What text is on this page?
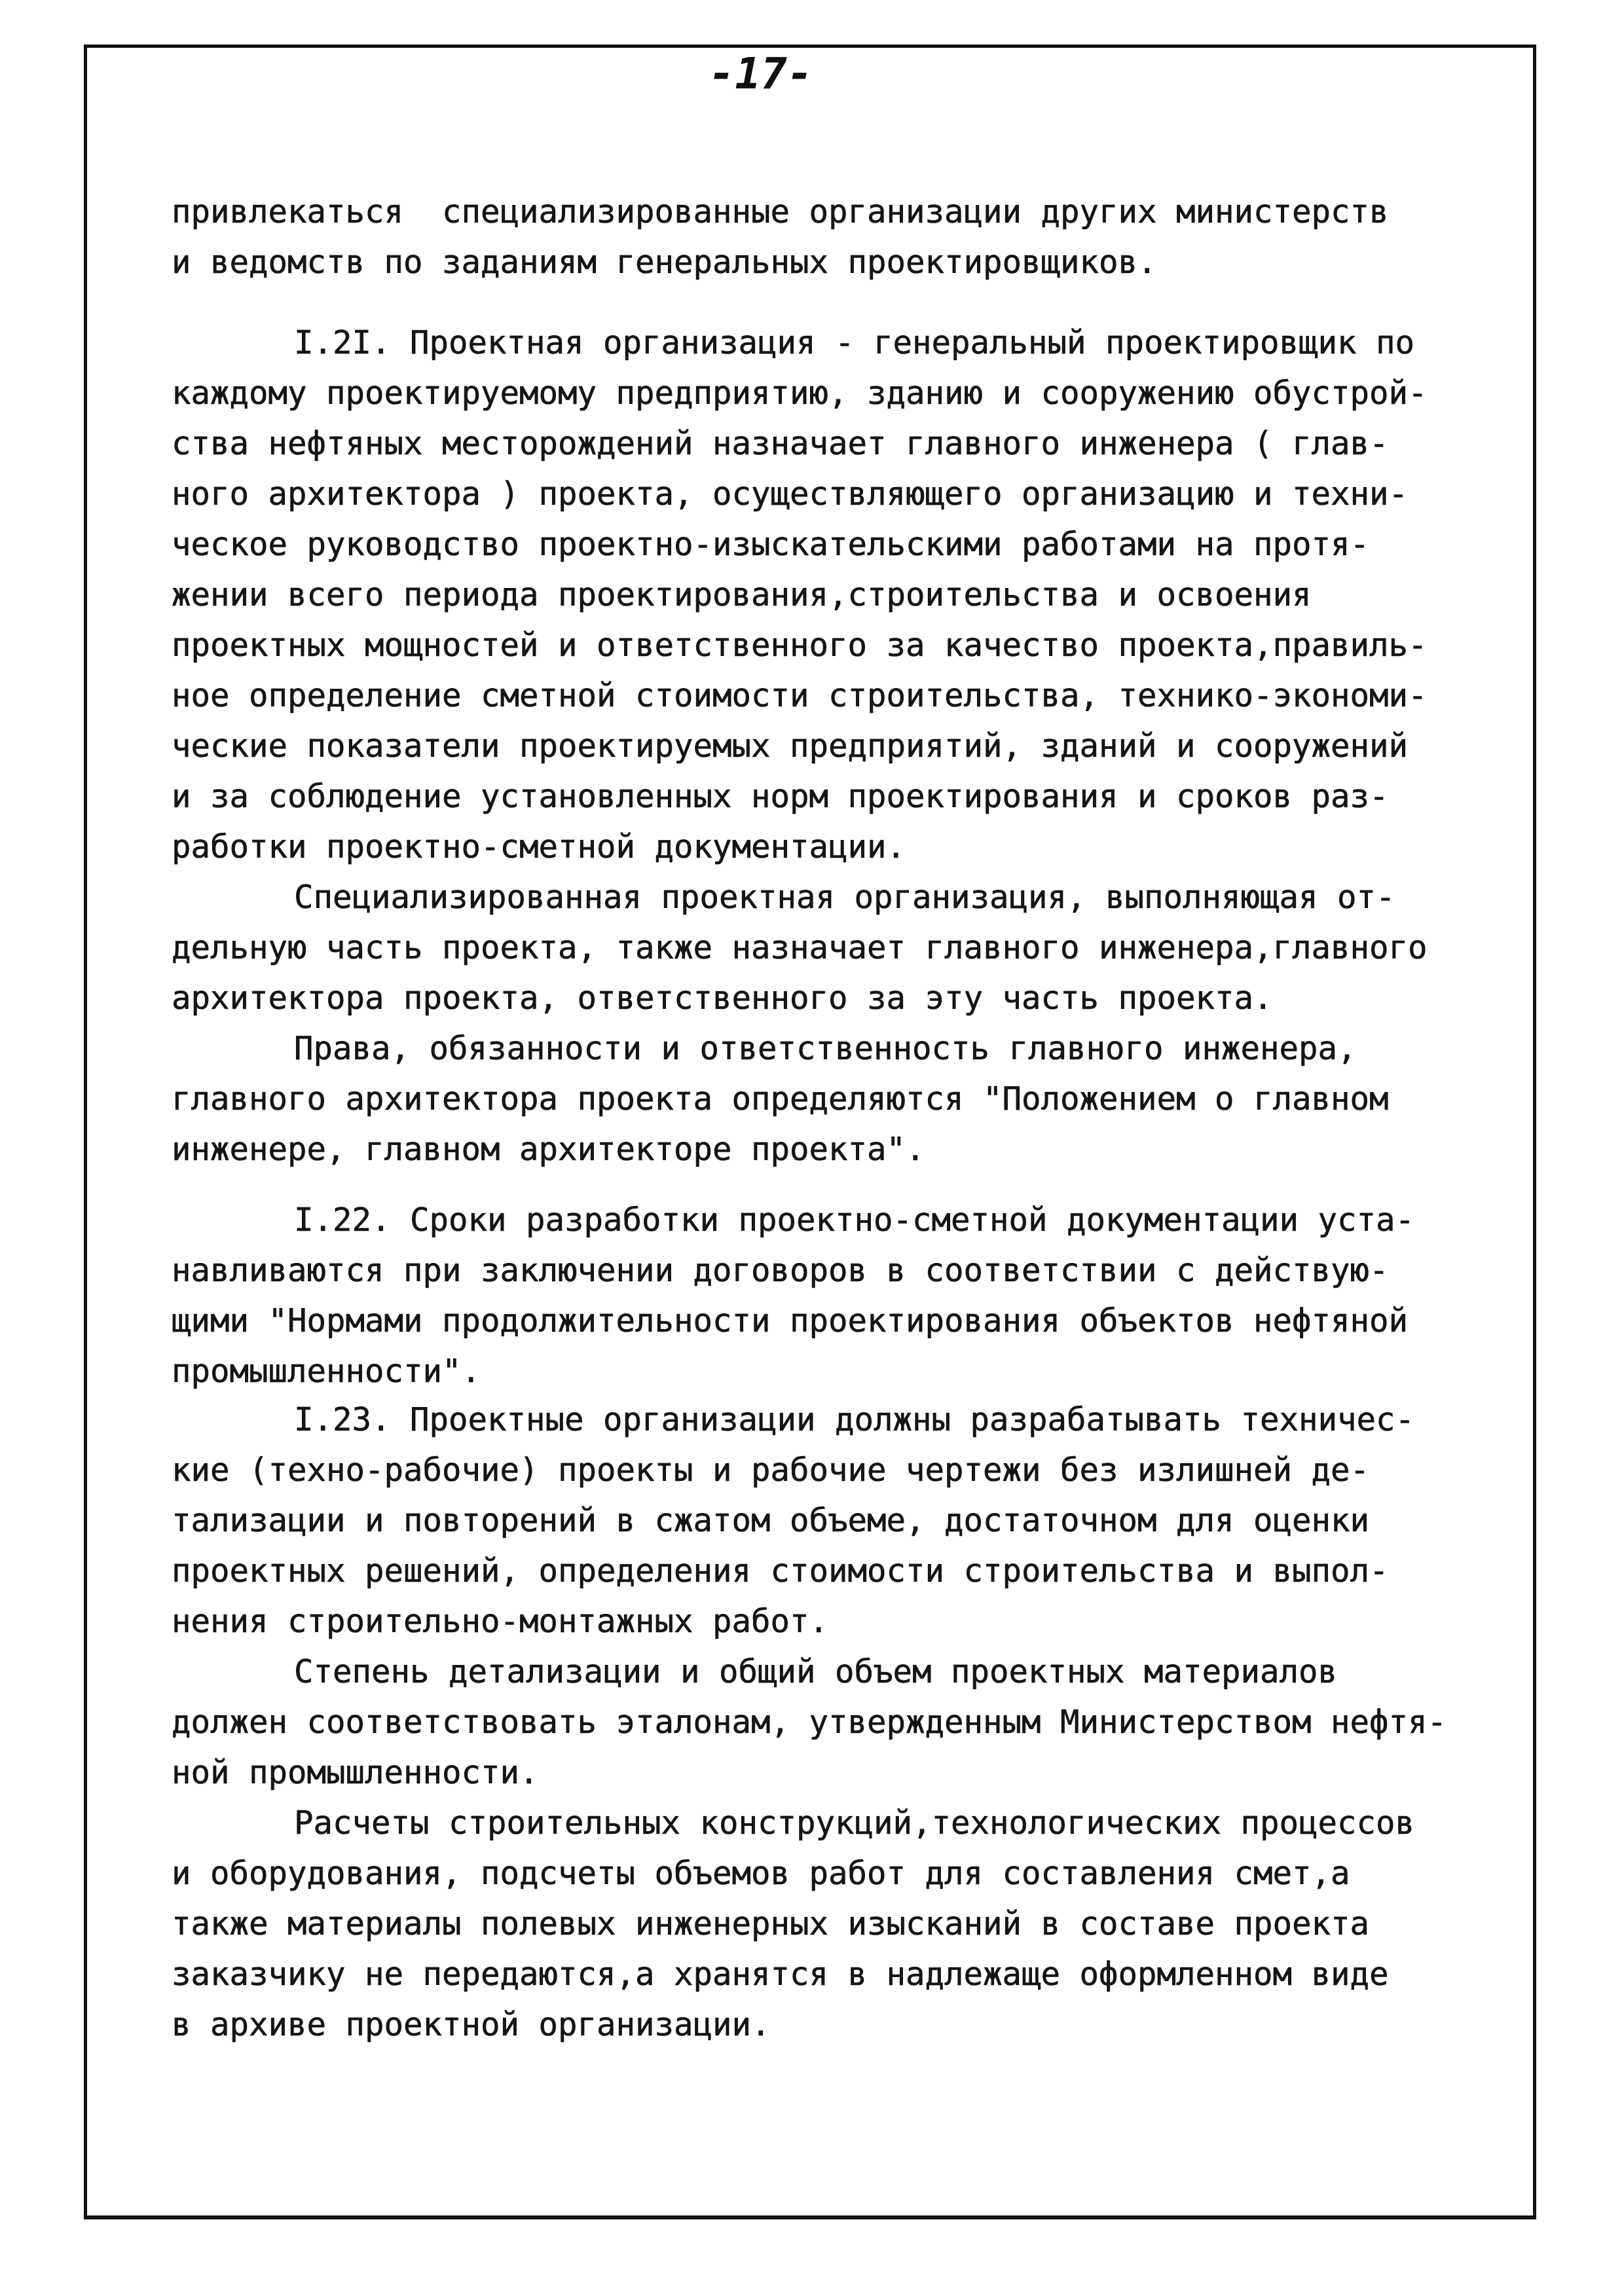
-17-
привлекаться  специализированные организации других министерств
и ведомств по заданиям генеральных проектировщиков.
I.2I. Проектная организация - генеральный проектировщик по
каждому проектируемому предприятию, зданию и сооружению обустрой-
ства нефтяных месторождений назначает главного инженера ( глав-
ного архитектора ) проекта, осуществляющего организацию и техни-
ческое руководство проектно-изыскательскими работами на протя-
жении всего периода проектирования,строительства и освоения
проектных мощностей и ответственного за качество проекта,правиль-
ное определение сметной стоимости строительства, технико-экономи-
ческие показатели проектируемых предприятий, зданий и сооружений
и за соблюдение установленных норм проектирования и сроков раз-
работки проектно-сметной документации.
Специализированная проектная организация, выполняющая от-
дельную часть проекта, также назначает главного инженера,главного
архитектора проекта, ответственного за эту часть проекта.
Права, обязанности и ответственность главного инженера,
главного архитектора проекта определяются "Положением о главном
инженере, главном архитекторе проекта".
I.22. Сроки разработки проектно-сметной документации уста-
навливаются при заключении договоров в соответствии с действую-
щими "Нормами продолжительности проектирования объектов нефтяной
промышленности".
I.23. Проектные организации должны разрабатывать техничес-
кие (техно-рабочие) проекты и рабочие чертежи без излишней де-
тализации и повторений в сжатом объеме, достаточном для оценки
проектных решений, определения стоимости строительства и выпол-
нения строительно-монтажных работ.
Степень детализации и общий объем проектных материалов
должен соответствовать эталонам, утвержденным Министерством нефтя-
ной промышленности.
Расчеты строительных конструкций,технологических процессов
и оборудования, подсчеты объемов работ для составления смет,а
также материалы полевых инженерных изысканий в составе проекта
заказчику не передаются,а хранятся в надлежаще оформленном виде
в архиве проектной организации.
